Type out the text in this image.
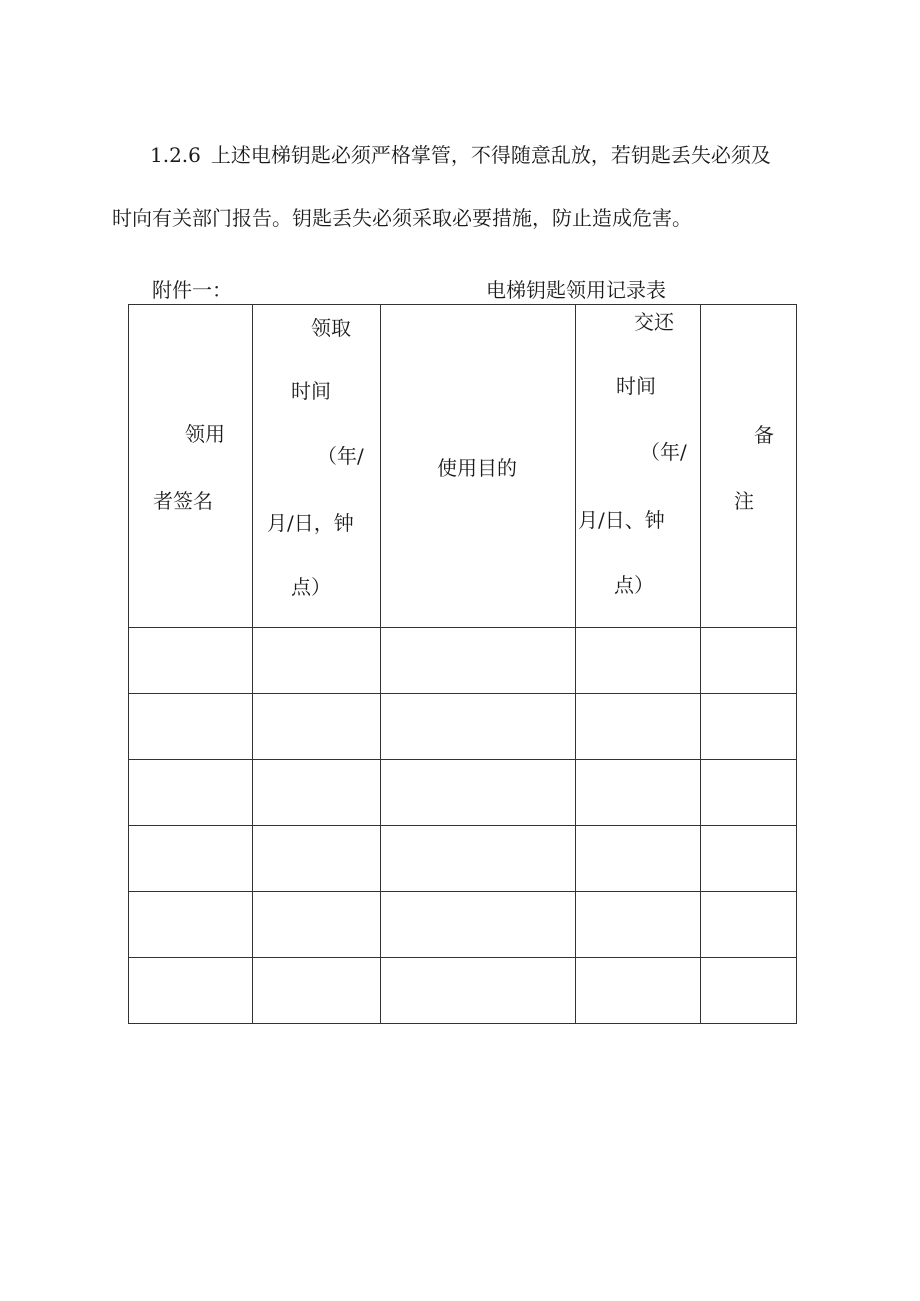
1.2.6 上述电梯钥匙必须严格掌管，不得随意乱放，若钥匙丢失必须及
时向有关部门报告。钥匙丢失必须采取必要措施，防止造成危害。
附件一：	电梯钥匙领用记录表
领用
者签名	领取
时间
（年/
月/日，钟
点）	使用目的	交还
时间
（年/
月/日、钟
点）	备
注
